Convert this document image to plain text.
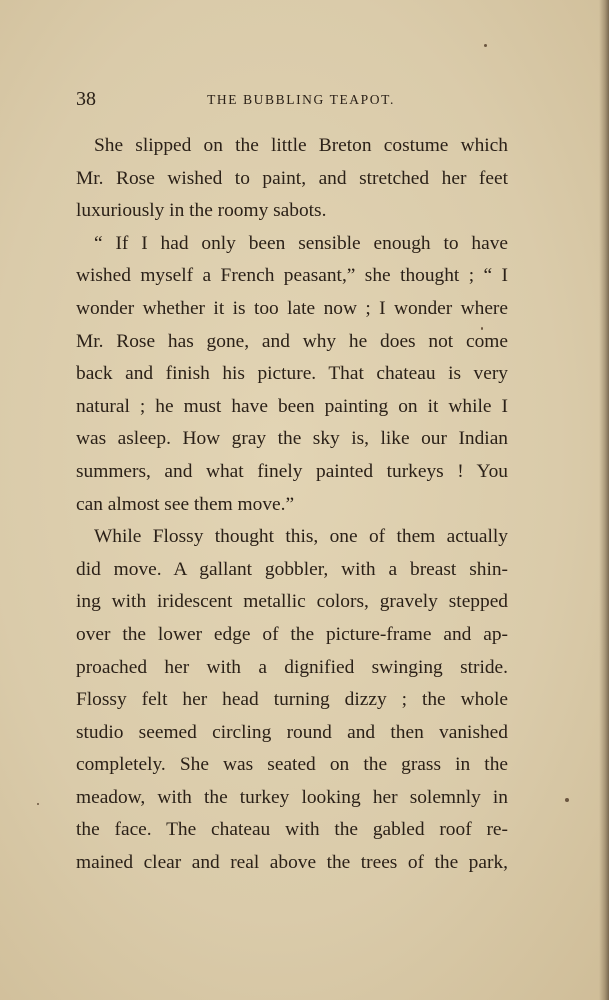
38	THE BUBBLING TEAPOT.

She slipped on the little Breton costume which
Mr. Rose wished to paint, and stretched her feet
luxuriously in the roomy sabots.

“ If I had only been sensible enough to have
wished myself a French peasant,” she thought ; “ I
wonder whether it is too late now ; I wonder where
Mr. Rose has gone, and why he does not come
back and finish his picture. That chateau is very
natural ; he must have been painting on it while I
was asleep. How gray the sky is, like our Indian
summers, and what finely painted turkeys ! You
can almost see them move.”

While Flossy thought this, one of them actually
did move. A gallant gobbler, with a breast shin-
ing with iridescent metallic colors, gravely stepped
over the lower edge of the picture-frame and ap-
proached her with a dignified swinging stride.
Flossy felt her head turning dizzy ; the whole
studio seemed circling round and then vanished
completely. She was seated on the grass in the
meadow, with the turkey looking her solemnly in
the face. The chateau with the gabled roof re-
mained clear and real above the trees of the park,
